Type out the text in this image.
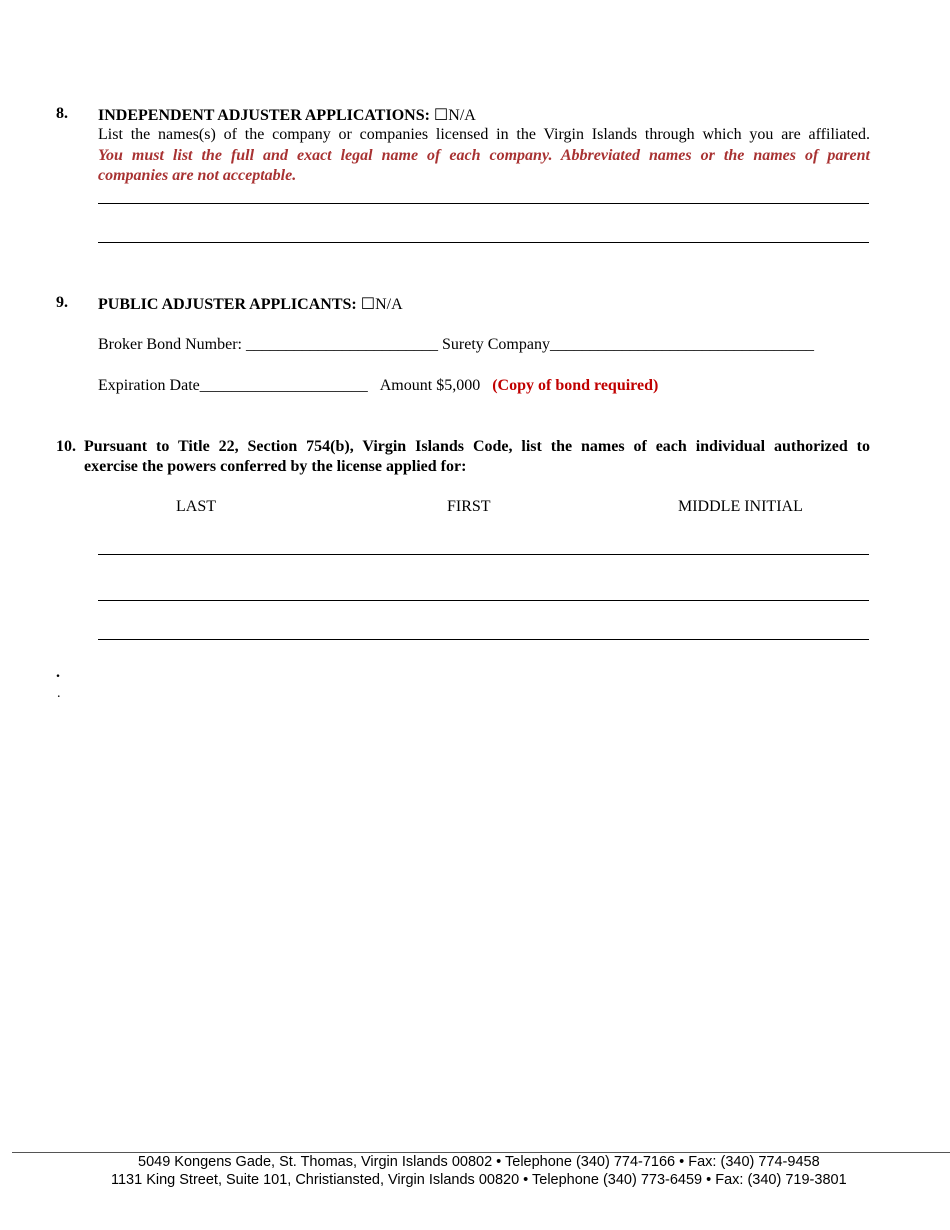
8. INDEPENDENT ADJUSTER APPLICATIONS: ☐N/A
List the names(s) of the company or companies licensed in the Virgin Islands through which you are affiliated.
You must list the full and exact legal name of each company. Abbreviated names or the names of parent
companies are not acceptable.
9. PUBLIC ADJUSTER APPLICANTS: ☐N/A
Broker Bond Number: ________________________ Surety Company_________________________________
Expiration Date_____________________ Amount $5,000 (Copy of bond required)
10. Pursuant to Title 22, Section 754(b), Virgin Islands Code, list the names of each individual authorized to
exercise the powers conferred by the license applied for:
LAST	FIRST	MIDDLE INITIAL
.
.
5049 Kongens Gade, St. Thomas, Virgin Islands 00802 • Telephone (340) 774-7166 • Fax: (340) 774-9458
1131 King Street, Suite 101, Christiansted, Virgin Islands 00820 • Telephone (340) 773-6459 • Fax: (340) 719-3801
